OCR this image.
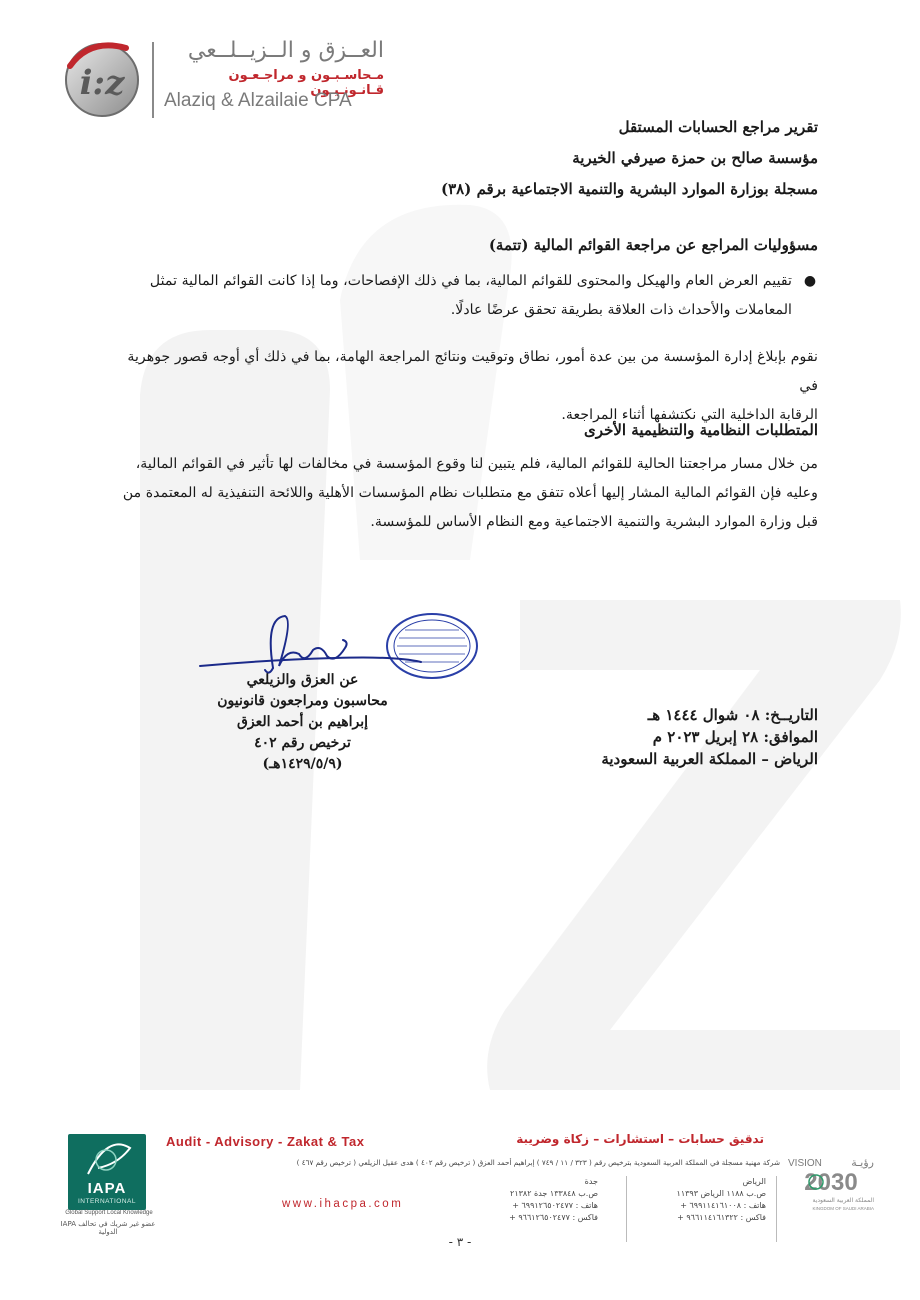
i:z
العــزق و الــزيــلــعي
مـحاسـبـون و مراجـعـون قـانـونـيـون
Alaziq & Alzailaie CPA
تقرير مراجع الحسابات المستقل
مؤسسة صالح بن حمزة صيرفي الخيرية
مسجلة بوزارة الموارد البشرية والتنمية الاجتماعية برقم (٣٨)
مسؤوليات المراجع عن مراجعة القوائم المالية (تتمة)
●
تقييم العرض العام والهيكل والمحتوى للقوائم المالية، بما في ذلك الإفصاحات، وما إذا كانت القوائم المالية تمثل
المعاملات والأحداث ذات العلاقة بطريقة تحقق عرضًا عادلًا.
نقوم بإبلاغ إدارة المؤسسة من بين عدة أمور، نطاق وتوقيت ونتائج المراجعة الهامة، بما في ذلك أي أوجه قصور جوهرية في
الرقابة الداخلية التي نكتشفها أثناء المراجعة.
المتطلبات النظامية والتنظيمية الأخرى
من خلال مسار مراجعتنا الحالية للقوائم المالية، فلم يتبين لنا وقوع المؤسسة في مخالفات لها تأثير في القوائم المالية،
وعليه فإن القوائم المالية المشار إليها أعلاه تتفق مع متطلبات نظام المؤسسات الأهلية واللائحة التنفيذية له المعتمدة من
قبل وزارة الموارد البشرية والتنمية الاجتماعية ومع النظام الأساس للمؤسسة.
عن العزق والزيلعي
محاسبون ومراجعون قانونيون
إبراهيم بن أحمد العزق
ترخيص رقم ٤٠٢
(١٤٢٩/٥/٩هـ)
التاريــخ: ٠٨ شوال ١٤٤٤ هـ
الموافق: ٢٨ إبريل ٢٠٢٣ م
الرياض – المملكة العربية السعودية
IAPA
INTERNATIONAL
Global Support Local Knowledge
عضو غير شريك في تحالف IAPA الدولية
Audit - Advisory - Zakat & Tax	تدقيق حسابات – استشارات – زكاة وضريبة
شركة مهنية مسجلة في المملكة العربية السعودية بترخيص رقم ( ٣٢٣ / ١١ / ٧٤٩ ) إبراهيم أحمد العزق ( ترخيص رقم ٤٠٢ ) هدى عقيل الزيلعي ( ترخيص رقم ٤٦٧ )
www.ihacpa.com
جدة
ص.ب ١٣٣٨٤٨ جدة ٢١٣٨٢
هاتف : ٦٩٩١٢٦٥٠٢٤٧٧ +
فاكس : ٩٦٦١٢٦٥٠٢٤٧٧ +
الرياض
ص.ب ١١٨٨ الرياض ١١٣٩٣
هاتف : ٦٩٩١١٤١٦١٠٠٨ +
فاكس : ٩٦٦١١٤١٦١٣٢٢ +
VISION	رؤيـة
2030
المملكة العربية السعودية
KINGDOM OF SAUDI ARABIA
- ٣ -
